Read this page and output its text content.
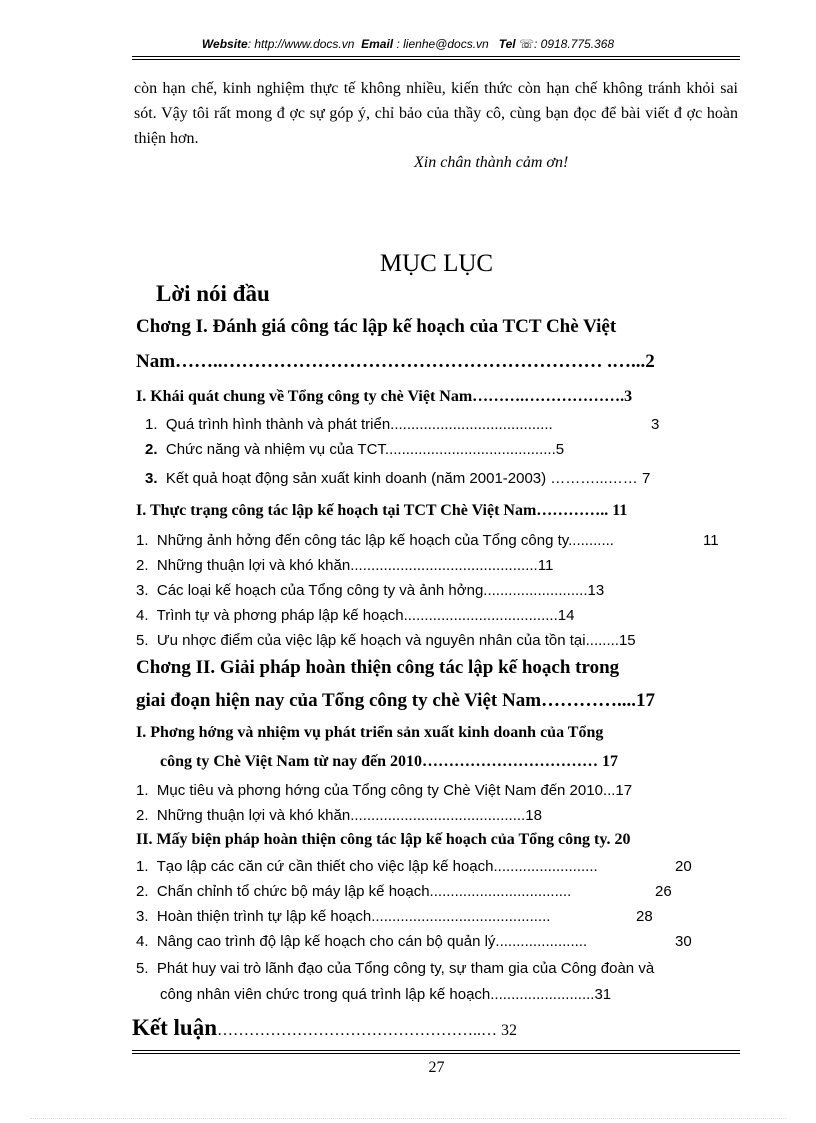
Website: http://www.docs.vn Email : lienhe@docs.vn Tel ☏: 0918.775.368
còn hạn chế, kinh nghiệm thực tế không nhiều, kiến thức còn hạn chế không tránh khỏi sai sót. Vậy tôi rất mong đ ợc sự góp ý, chỉ bảo của thầy cô, cùng bạn đọc để bài viết đ ợc hoàn thiện hơn.
Xin chân thành cảm ơn!
MỤC LỤC
Lời nói đầu
Chơng I. Đánh giá công tác lập kế hoạch của TCT Chè Việt
Nam……..…………………………………………………… .…...2
I. Khái quát chung về Tổng công ty chè Việt Nam……….……………….3
1. Quá trình hình thành và phát triển.......................................	3
2. Chức năng và nhiệm vụ của TCT.........................................5
3. Kết quả hoạt động sản xuất kinh doanh (năm 2001-2003) ………...…… 7
I. Thực trạng công tác lập kế hoạch tại TCT Chè Việt Nam………….. 11
1. Những ảnh hởng đến công tác lập kế hoạch của Tổng công ty...........	11
2. Những thuận lợi và khó khăn.............................................11
3.  Các loại kế hoạch của Tổng công ty và ảnh hởng.........................13
4. Trình tự và phơng pháp lập kế hoạch.....................................14
5. Ưu nhợc điểm của việc lập kế hoạch và nguyên nhân của tồn tại........15
Chơng II. Giải pháp hoàn thiện công tác lập kế hoạch trong
giai đoạn hiện nay của Tổng công ty chè Việt Nam…………....17
I. Phơng hớng và nhiệm vụ phát triển sản xuất kinh doanh của Tổng
công ty Chè Việt Nam từ nay đến 2010…………………………… 17
1. Mục tiêu và phơng hớng của Tổng công ty Chè Việt Nam đến 2010...17
2. Những thuận lợi và khó khăn..........................................18
II. Mấy biện pháp hoàn thiện công tác lập kế hoạch của Tổng công ty. 20
1. Tạo lập các căn cứ cần thiết cho việc lập kế hoạch.........................	20
2. Chấn chỉnh tổ chức bộ máy lập kế hoạch..................................	26
3. Hoàn thiện trình tự lập kế hoạch...........................................	28
4. Nâng cao trình độ lập kế hoạch cho cán bộ quản lý......................	30
5. Phát huy vai trò lãnh đạo của Tổng công ty, sự tham gia của Công đoàn và
công nhân viên chức trong quá trình lập kế hoạch.........................31
Kết luận…………………………………………..… 32
27
